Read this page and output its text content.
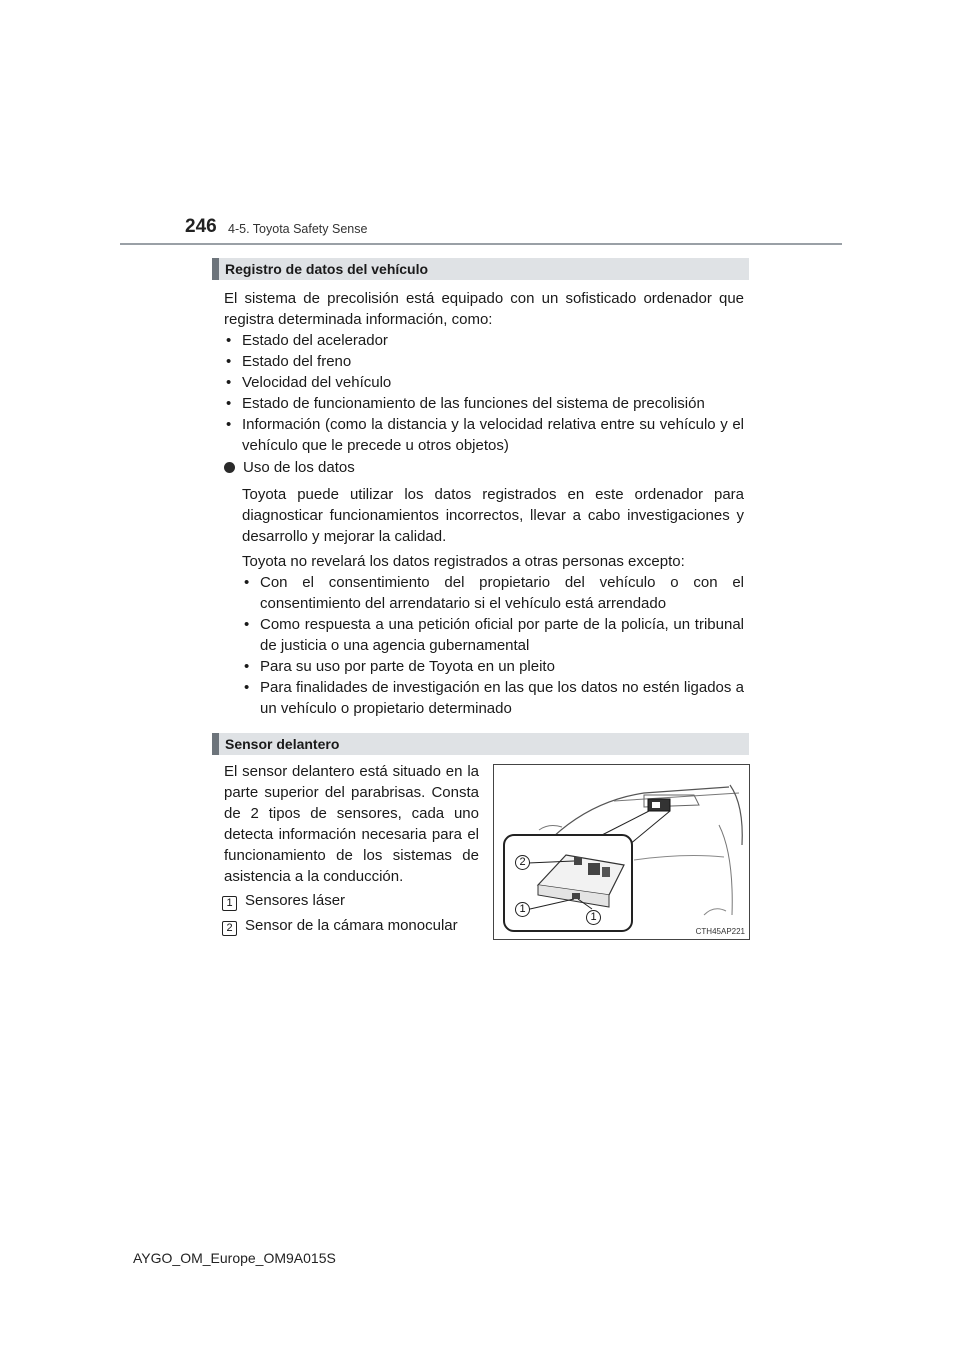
246 4-5. Toyota Safety Sense
Registro de datos del vehículo
El sistema de precolisión está equipado con un sofisticado ordenador que registra determinada información, como:
• Estado del acelerador
• Estado del freno
• Velocidad del vehículo
• Estado de funcionamiento de las funciones del sistema de precolisión
• Información (como la distancia y la velocidad relativa entre su vehículo y el vehículo que le precede u otros objetos)
Uso de los datos
Toyota puede utilizar los datos registrados en este ordenador para diagnosticar funcionamientos incorrectos, llevar a cabo investigaciones y desarrollo y mejorar la calidad.
Toyota no revelará los datos registrados a otras personas excepto:
• Con el consentimiento del propietario del vehículo o con el consentimiento del arrendatario si el vehículo está arrendado
• Como respuesta a una petición oficial por parte de la policía, un tribunal de justicia o una agencia gubernamental
• Para su uso por parte de Toyota en un pleito
• Para finalidades de investigación en las que los datos no estén ligados a un vehículo o propietario determinado
Sensor delantero
El sensor delantero está situado en la parte superior del parabrisas. Consta de 2 tipos de sensores, cada uno detecta información necesaria para el funcionamiento de los sistemas de asistencia a la conducción.
1 Sensores láser
2 Sensor de la cámara monocular
2
1
1
CTH45AP221
AYGO_OM_Europe_OM9A015S
